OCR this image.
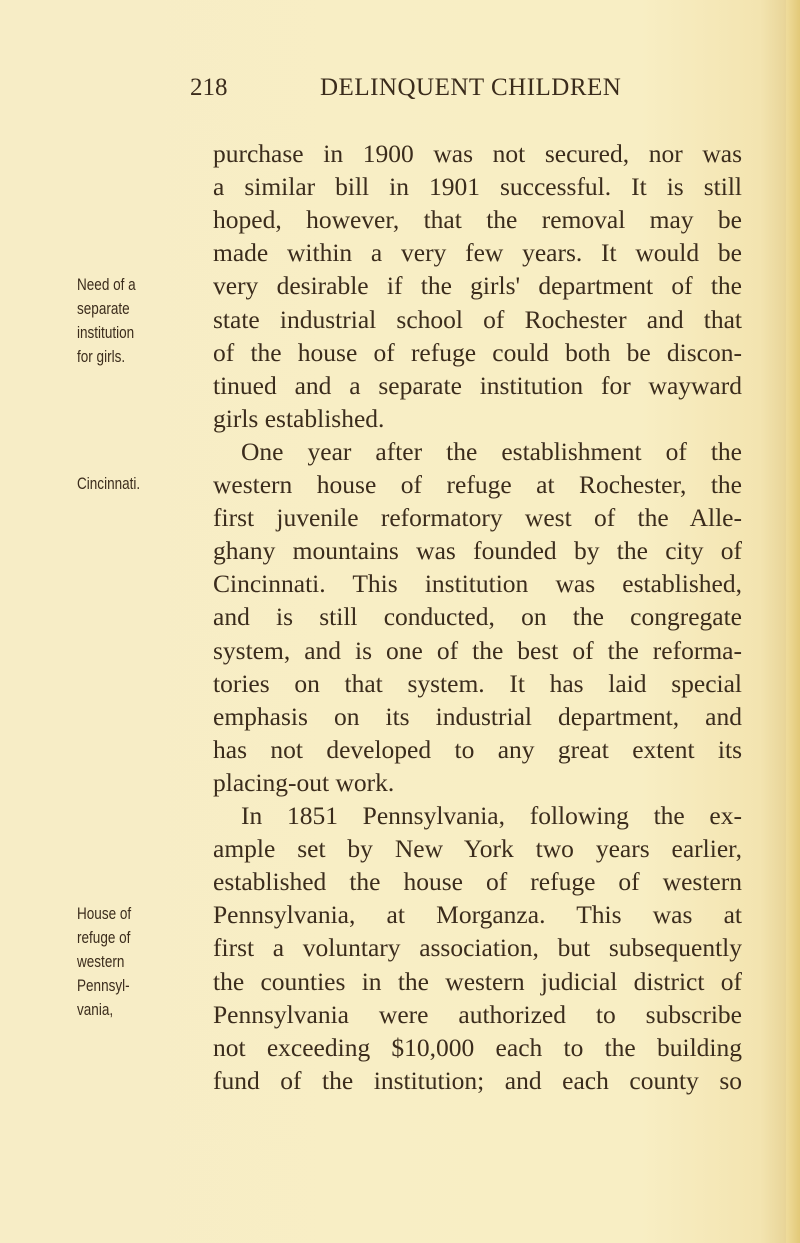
218	DELINQUENT CHILDREN
purchase in 1900 was not secured, nor was
a similar bill in 1901 successful. It is still
hoped, however, that the removal may be
made within a very few years. It would be
very desirable if the girls' department of the
state industrial school of Rochester and that
of the house of refuge could both be discon-
tinued and a separate institution for wayward
girls established.
One year after the establishment of the
western house of refuge at Rochester, the
first juvenile reformatory west of the Alle-
ghany mountains was founded by the city of
Cincinnati. This institution was established,
and is still conducted, on the congregate
system, and is one of the best of the reforma-
tories on that system. It has laid special
emphasis on its industrial department, and
has not developed to any great extent its
placing-out work.
In 1851 Pennsylvania, following the ex-
ample set by New York two years earlier,
established the house of refuge of western
Pennsylvania, at Morganza. This was at
first a voluntary association, but subsequently
the counties in the western judicial district of
Pennsylvania were authorized to subscribe
not exceeding $10,000 each to the building
fund of the institution; and each county so
Need of a
separate
institution
for girls.
Cincinnati.
House of
refuge of
western
Pennsyl-
vania,
